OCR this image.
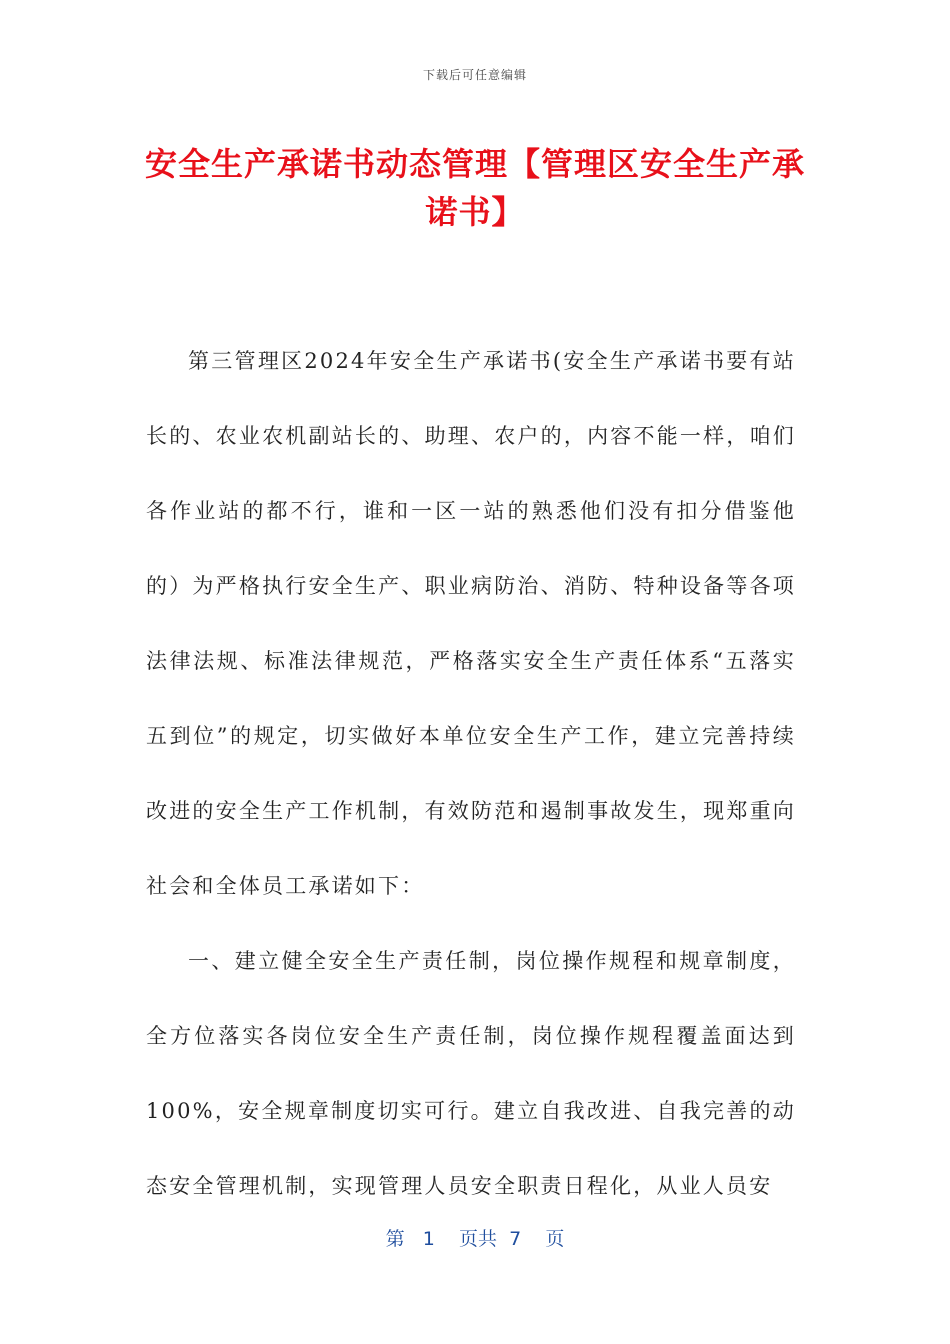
下载后可任意编辑
安全生产承诺书动态管理【管理区安全生产承诺书】

第三管理区2024年安全生产承诺书(安全生产承诺书要有站长的、农业农机副站长的、助理、农户的，内容不能一样，咱们各作业站的都不行，谁和一区一站的熟悉他们没有扣分借鉴他的）为严格执行安全生产、职业病防治、消防、特种设备等各项法律法规、标准法律规范，严格落实安全生产责任体系“五落实五到位”的规定，切实做好本单位安全生产工作，建立完善持续改进的安全生产工作机制，有效防范和遏制事故发生，现郑重向社会和全体员工承诺如下：

一、建立健全安全生产责任制，岗位操作规程和规章制度，全方位落实各岗位安全生产责任制，岗位操作规程覆盖面达到100%，安全规章制度切实可行。建立自我改进、自我完善的动态安全管理机制，实现管理人员安全职责日程化，从业人员安

第 1 页共 7 页
